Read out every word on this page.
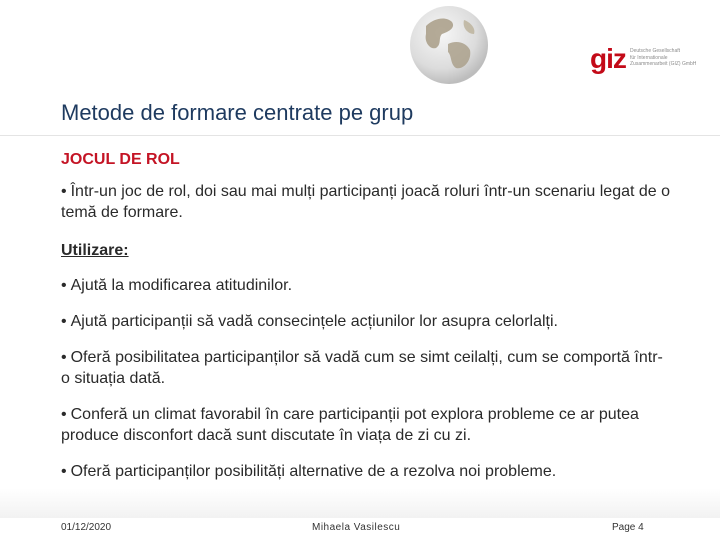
giz Deutsche Gesellschaft
für Internationale
Zusammenarbeit (GIZ) GmbH
Metode de formare centrate pe grup
JOCUL DE ROL

• Într-un joc de rol, doi sau mai mulți participanți joacă roluri într-un scenariu legat de o temă de formare.

Utilizare:

• Ajută la modificarea atitudinilor.

• Ajută participanții să vadă consecințele acțiunilor lor asupra celorlalți.

• Oferă posibilitatea participanților să vadă cum se simt ceilalți, cum se comportă într-o situația dată.

• Conferă un climat favorabil în care participanții pot explora probleme ce ar putea produce disconfort dacă sunt discutate în viața de zi cu zi.

• Oferă participanților posibilități alternative de a rezolva noi probleme.

01/12/2020	Mihaela Vasilescu	Page 4
